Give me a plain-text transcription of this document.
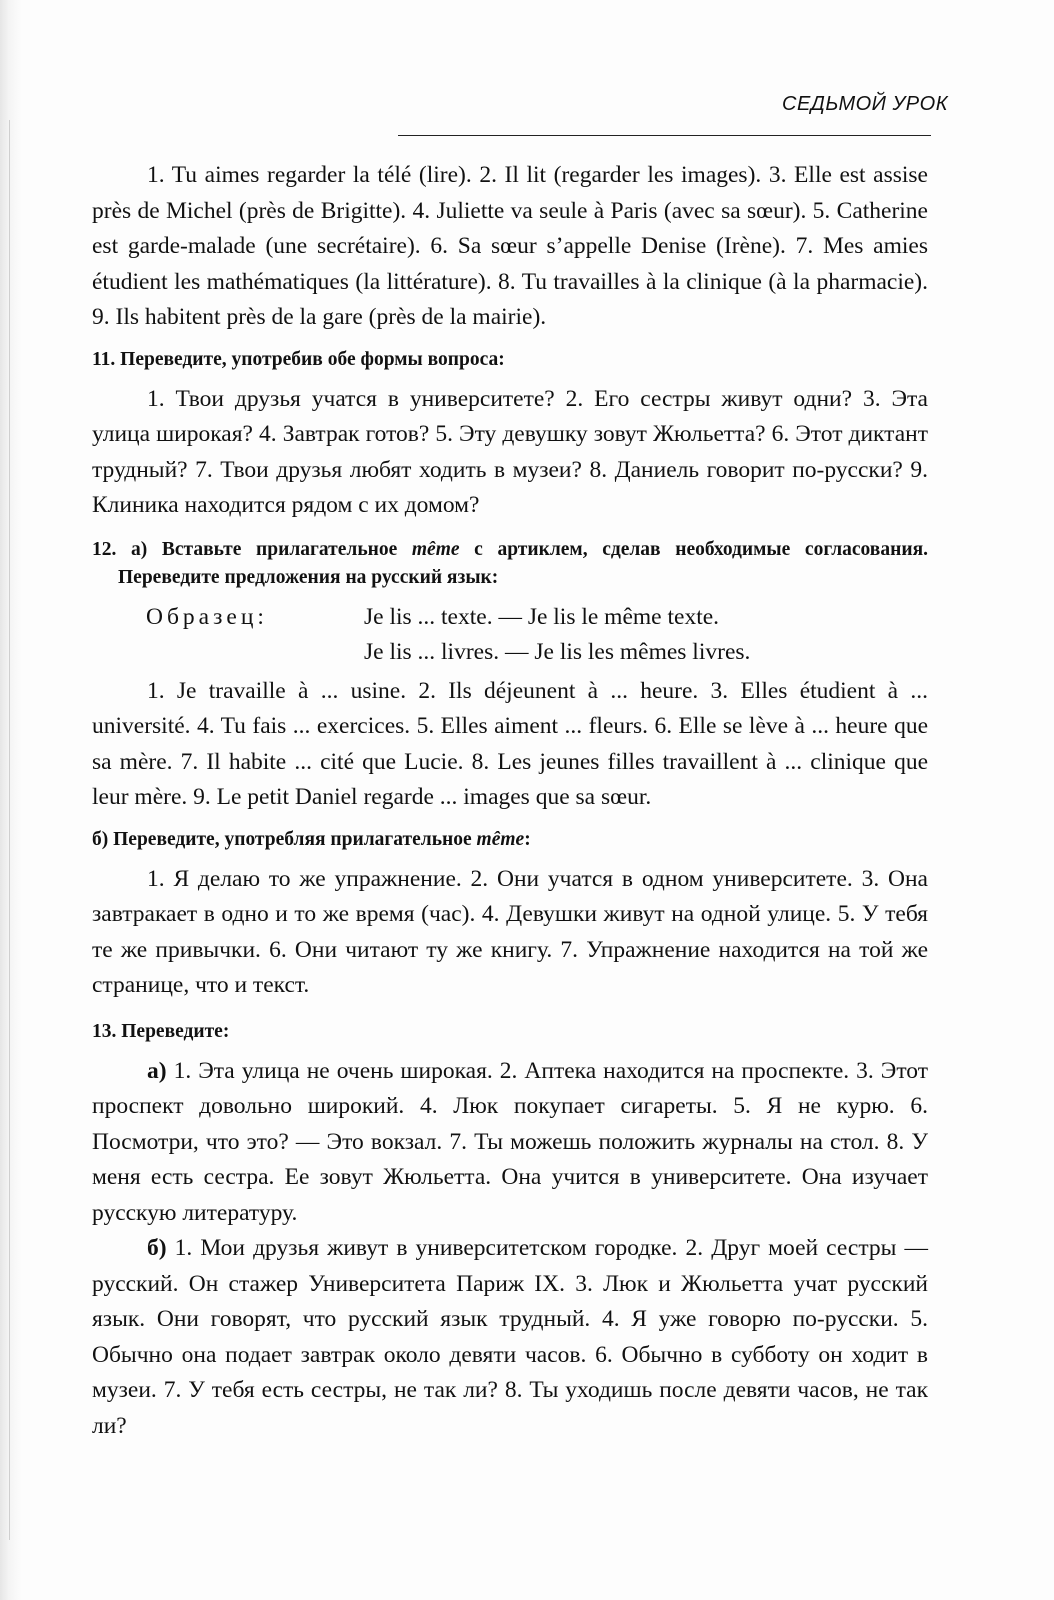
СЕДЬМОЙ УРОК

1. Tu aimes regarder la télé (lire). 2. Il lit (regarder les images). 3. Elle est assise près de Michel (près de Brigitte). 4. Juliette va seule à Paris (avec sa sœur). 5. Catherine est garde-malade (une secrétaire). 6. Sa sœur s’appelle Denise (Irène). 7. Mes amies étudient les mathématiques (la littérature). 8. Tu travailles à la clinique (à la pharmacie). 9. Ils habitent près de la gare (près de la mairie).

11. Переведите, употребив обе формы вопроса:

1. Твои друзья учатся в университете? 2. Его сестры живут одни? 3. Эта улица широкая? 4. Завтрак готов? 5. Эту девушку зовут Жюльетта? 6. Этот диктант трудный? 7. Твои друзья любят ходить в музеи? 8. Даниель говорит по-русски? 9. Клиника находится рядом с их домом?

12. а) Вставьте прилагательное même с артиклем, сделав необходимые согласования. Переведите предложения на русский язык:
Образец:	Je lis ... texte. — Je lis le même texte.
Je lis ... livres. — Je lis les mêmes livres.

1. Je travaille à ... usine. 2. Ils déjeunent à ... heure. 3. Elles étudient à ... université. 4. Tu fais ... exercices. 5. Elles aiment ... fleurs. 6. Elle se lève à ... heure que sa mère. 7. Il habite ... cité que Lucie. 8. Les jeunes filles travaillent à ... clinique que leur mère. 9. Le petit Daniel regarde ... images que sa sœur.

б) Переведите, употребляя прилагательное même:

1. Я делаю то же упражнение. 2. Они учатся в одном университете. 3. Она завтракает в одно и то же время (час). 4. Девушки живут на одной улице. 5. У тебя те же привычки. 6. Они читают ту же книгу. 7. Упражнение находится на той же странице, что и текст.

13. Переведите:

а) 1. Эта улица не очень широкая. 2. Аптека находится на проспекте. 3. Этот проспект довольно широкий. 4. Люк покупает сигареты. 5. Я не курю. 6. Посмотри, что это? — Это вокзал. 7. Ты можешь положить журналы на стол. 8. У меня есть сестра. Ее зовут Жюльетта. Она учится в университете. Она изучает русскую литературу.

б) 1. Мои друзья живут в университетском городке. 2. Друг моей сестры — русский. Он стажер Университета Париж IX. 3. Люк и Жюльетта учат русский язык. Они говорят, что русский язык трудный. 4. Я уже говорю по-русски. 5. Обычно она подает завтрак около девяти часов. 6. Обычно в субботу он ходит в музеи. 7. У тебя есть сестры, не так ли? 8. Ты уходишь после девяти часов, не так ли?
